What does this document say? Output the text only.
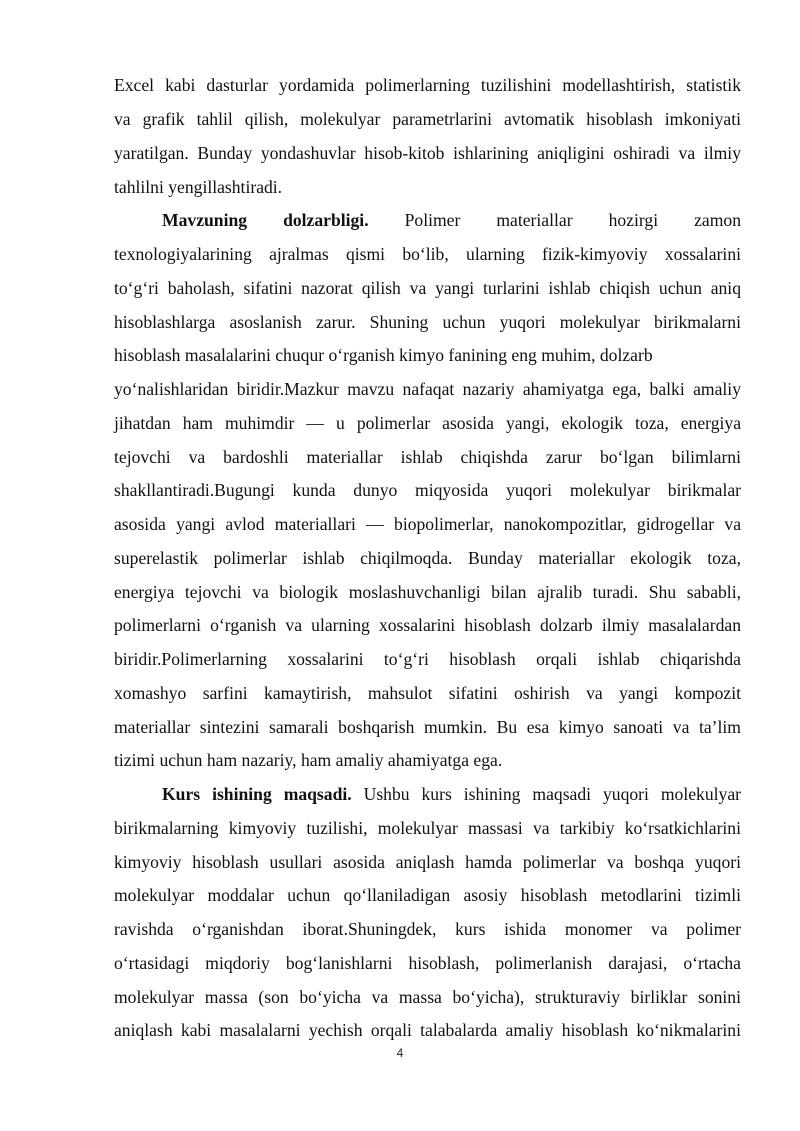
Excel kabi dasturlar yordamida polimerlarning tuzilishini modellashtirish, statistik
va grafik tahlil qilish, molekulyar parametrlarini avtomatik hisoblash imkoniyati
yaratilgan. Bunday yondashuvlar hisob-kitob ishlarining aniqligini oshiradi va ilmiy
tahlilni yengillashtiradi.
Mavzuning dolzarbligi. Polimer materiallar hozirgi zamon
texnologiyalarining ajralmas qismi bo‘lib, ularning fizik-kimyoviy xossalarini
to‘g‘ri baholash, sifatini nazorat qilish va yangi turlarini ishlab chiqish uchun aniq
hisoblashlarga asoslanish zarur. Shuning uchun yuqori molekulyar birikmalarni
hisoblash masalalarini chuqur o‘rganish kimyo fanining eng muhim, dolzarb
yo‘nalishlaridan biridir.Mazkur mavzu nafaqat nazariy ahamiyatga ega, balki amaliy
jihatdan ham muhimdir — u polimerlar asosida yangi, ekologik toza, energiya
tejovchi va bardoshli materiallar ishlab chiqishda zarur bo‘lgan bilimlarni
shakllantiradi.Bugungi kunda dunyo miqyosida yuqori molekulyar birikmalar
asosida yangi avlod materiallari — biopolimerlar, nanokompozitlar, gidrogellar va
superelastik polimerlar ishlab chiqilmoqda. Bunday materiallar ekologik toza,
energiya tejovchi va biologik moslashuvchanligi bilan ajralib turadi. Shu sababli,
polimerlarni o‘rganish va ularning xossalarini hisoblash dolzarb ilmiy masalalardan
biridir.Polimerlarning xossalarini to‘g‘ri hisoblash orqali ishlab chiqarishda
xomashyo sarfini kamaytirish, mahsulot sifatini oshirish va yangi kompozit
materiallar sintezini samarali boshqarish mumkin. Bu esa kimyo sanoati va ta’lim
tizimi uchun ham nazariy, ham amaliy ahamiyatga ega.
Kurs ishining maqsadi. Ushbu kurs ishining maqsadi yuqori molekulyar
birikmalarning kimyoviy tuzilishi, molekulyar massasi va tarkibiy ko‘rsatkichlarini
kimyoviy hisoblash usullari asosida aniqlash hamda polimerlar va boshqa yuqori
molekulyar moddalar uchun qo‘llaniladigan asosiy hisoblash metodlarini tizimli
ravishda o‘rganishdan iborat.Shuningdek, kurs ishida monomer va polimer
o‘rtasidagi miqdoriy bog‘lanishlarni hisoblash, polimerlanish darajasi, o‘rtacha
molekulyar massa (son bo‘yicha va massa bo‘yicha), strukturaviy birliklar sonini
aniqlash kabi masalalarni yechish orqali talabalarda amaliy hisoblash ko‘nikmalarini
4
